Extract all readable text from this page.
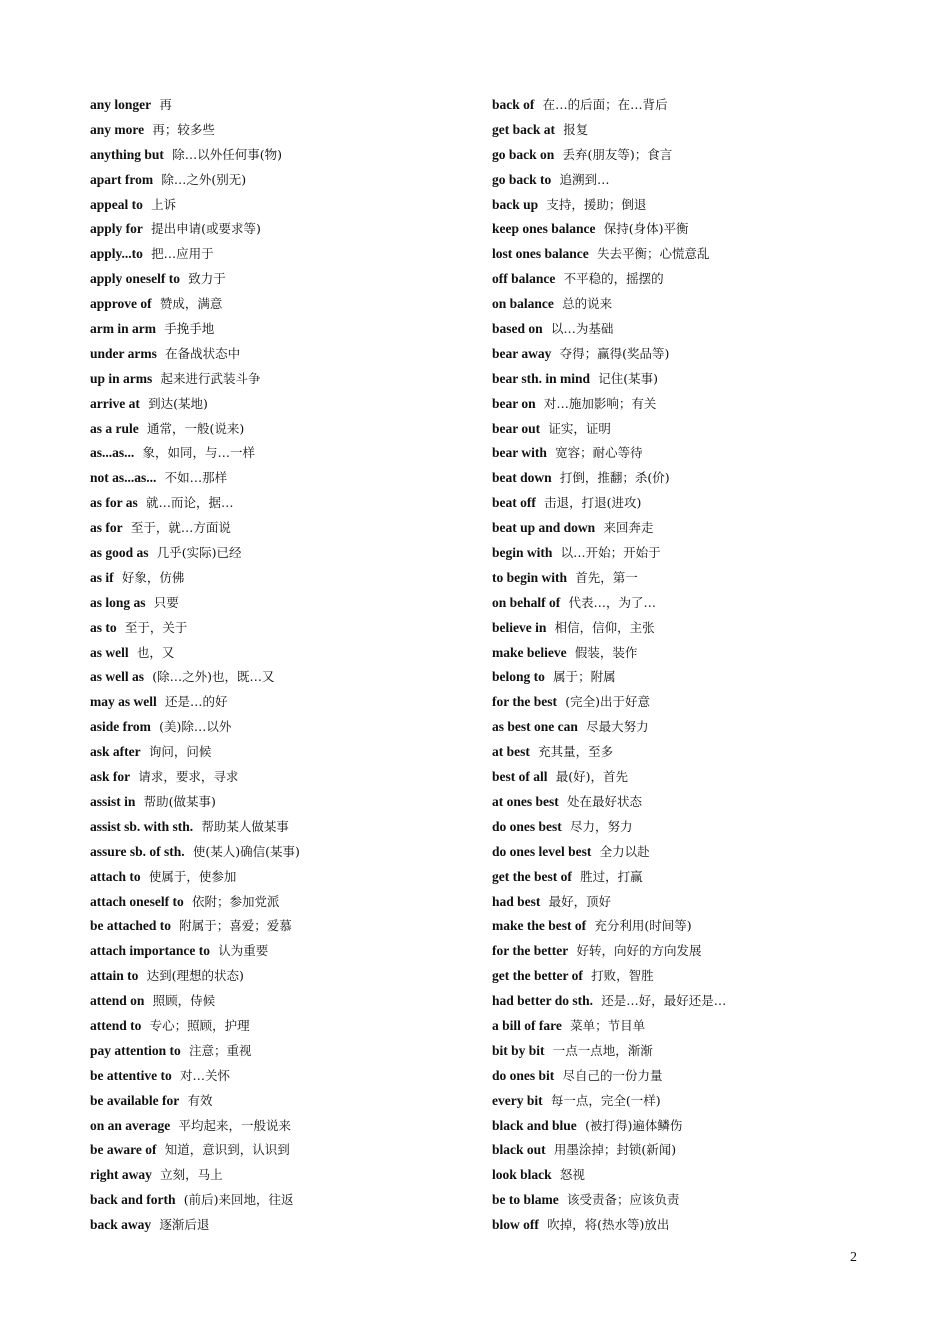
any longer 再
any more 再；较多些
anything but 除…以外任何事(物)
apart from 除…之外(别无)
appeal to 上诉
apply for 提出申请(或要求等)
apply...to 把…应用于
apply oneself to 致力于
approve of 赞成，满意
arm in arm 手挽手地
under arms 在备战状态中
up in arms 起来进行武装斗争
arrive at 到达(某地)
as a rule 通常，一般(说来)
as...as... 象，如同，与…一样
not as...as... 不如…那样
as for as 就…而论，据…
as for 至于，就…方面说
as good as 几乎(实际)已经
as if 好象，仿佛
as long as 只要
as to 至于，关于
as well 也，又
as well as (除…之外)也，既…又
may as well 还是…的好
aside from (美)除…以外
ask after 询问，问候
ask for 请求，要求，寻求
assist in 帮助(做某事)
assist sb. with sth. 帮助某人做某事
assure sb. of sth. 使(某人)确信(某事)
attach to 使属于，使参加
attach oneself to 依附；参加党派
be attached to 附属于；喜爱；爱慕
attach importance to 认为重要
attain to 达到(理想的状态)
attend on 照顾，侍候
attend to 专心；照顾，护理
pay attention to 注意；重视
be attentive to 对…关怀
be available for 有效
on an average 平均起来，一般说来
be aware of 知道，意识到，认识到
right away 立刻，马上
back and forth (前后)来回地，往返
back away 逐渐后退
back of 在…的后面；在…背后
get back at 报复
go back on 丢弃(朋友等)；食言
go back to 追溯到…
back up 支持，援助；倒退
keep ones balance 保持(身体)平衡
lost ones balance 失去平衡；心慌意乱
off balance 不平稳的，摇摆的
on balance 总的说来
based on 以…为基础
bear away 夺得；赢得(奖品等)
bear sth. in mind 记住(某事)
bear on 对…施加影响；有关
bear out 证实，证明
bear with 宽容；耐心等待
beat down 打倒，推翻；杀(价)
beat off 击退，打退(进攻)
beat up and down 来回奔走
begin with 以…开始；开始于
to begin with 首先，第一
on behalf of 代表…，为了…
believe in 相信，信仰，主张
make believe 假装，装作
belong to 属于；附属
for the best (完全)出于好意
as best one can 尽最大努力
at best 充其量，至多
best of all 最(好)，首先
at ones best 处在最好状态
do ones best 尽力，努力
do ones level best 全力以赴
get the best of 胜过，打赢
had best 最好，顶好
make the best of 充分利用(时间等)
for the better 好转，向好的方向发展
get the better of 打败，智胜
had better do sth. 还是…好，最好还是…
a bill of fare 菜单；节目单
bit by bit 一点一点地，渐渐
do ones bit 尽自己的一份力量
every bit 每一点，完全(一样)
black and blue (被打得)遍体鳞伤
black out 用墨涂掉；封锁(新闻)
look black 怒视
be to blame 该受责备；应该负责
blow off 吹掉，将(热水等)放出
2
